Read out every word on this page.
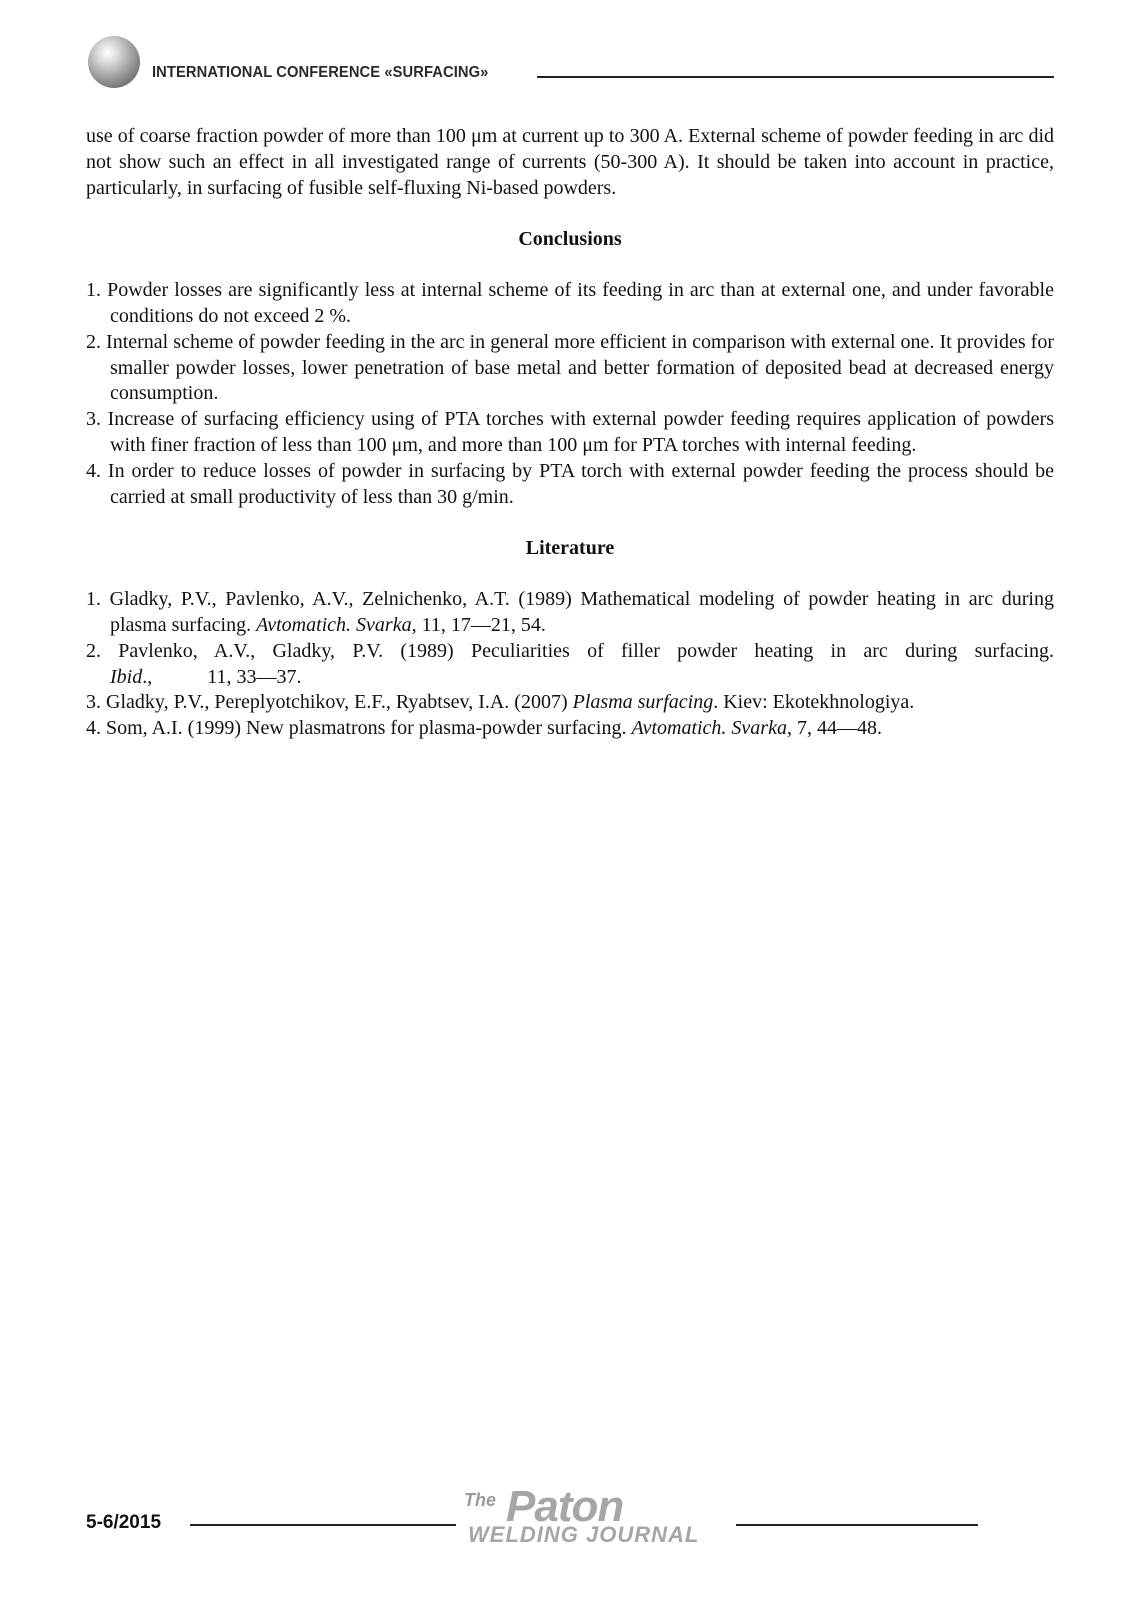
INTERNATIONAL CONFERENCE «SURFACING»

use of coarse fraction powder of more than 100 μm at current up to 300 A. External scheme of powder feeding in arc did not show such an effect in all investigated range of currents (50-300 A). It should be taken into account in practice, particularly, in surfacing of fusible self-fluxing Ni-based powders.

Conclusions
1. Powder losses are significantly less at internal scheme of its feeding in arc than at external one, and under favorable conditions do not exceed 2 %.
2. Internal scheme of powder feeding in the arc in general more efficient in comparison with external one. It provides for smaller powder losses, lower penetration of base metal and better formation of deposited bead at decreased energy consumption.
3. Increase of surfacing efficiency using of PTA torches with external powder feeding requires application of powders with finer fraction of less than 100 μm, and more than 100 μm for PTA torches with internal feeding.
4. In order to reduce losses of powder in surfacing by PTA torch with external powder feeding the process should be carried at small productivity of less than 30 g/min.
Literature
1. Gladky, P.V., Pavlenko, A.V., Zelnichenko, A.T. (1989) Mathematical modeling of powder heating in arc during plasma surfacing. Avtomatich. Svarka, 11, 17—21, 54.
2. Pavlenko, A.V., Gladky, P.V. (1989) Peculiarities of filler powder heating in arc during surfacing. Ibid.,           11, 33—37.
3. Gladky, P.V., Pereplyotchikov, E.F., Ryabtsev, I.A. (2007) Plasma surfacing. Kiev: Ekotekhnologiya.
4. Som, A.I. (1999) New plasmatrons for plasma-powder surfacing. Avtomatich. Svarka, 7, 44—48.
5-6/2015
The Paton
WELDING JOURNAL
